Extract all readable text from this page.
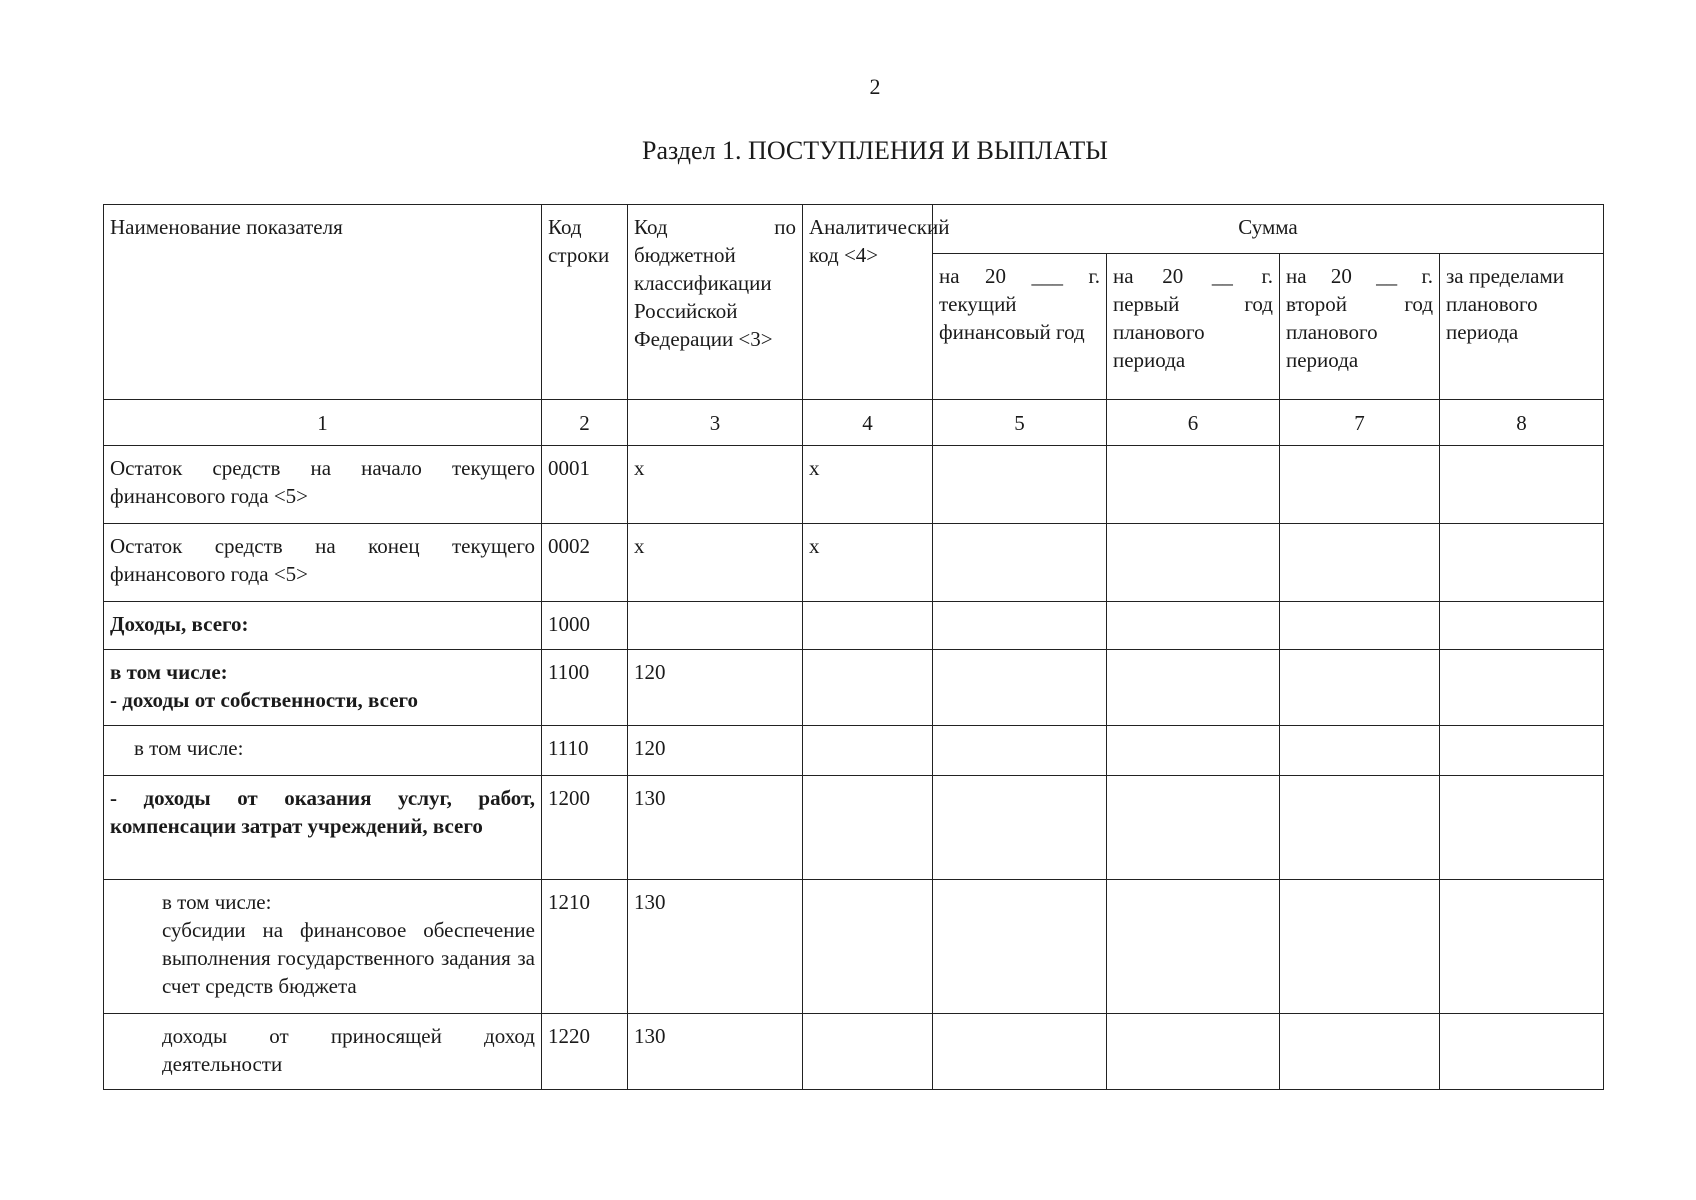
2
Раздел 1. ПОСТУПЛЕНИЯ И ВЫПЛАТЫ
Наименование показателя	Код строки	Код по бюджетной классификации Российской Федерации <3>	Аналитический код <4>	Сумма			
				на 20 ___ г. текущий финансовый год	на 20 __ г. первый год планового периода	на 20 __ г. второй год планового периода	за пределами планового периода
1	2	3	4	5	6	7	8
Остаток средств на начало текущего финансового года <5>	0001	х	х				
Остаток средств на конец текущего финансового года <5>	0002	х	х				
Доходы, всего:	1000						

в том числе:
- доходы от собственности, всего	1100	120					
в том числе:	1110	120					
- доходы от оказания услуг, работ, компенсации затрат учреждений, всего	1200	130					

в том числе:
субсидии на финансовое обеспечение выполнения государственного задания за счет средств бюджета	1210	130					
доходы от приносящей доход деятельности	1220	130					
